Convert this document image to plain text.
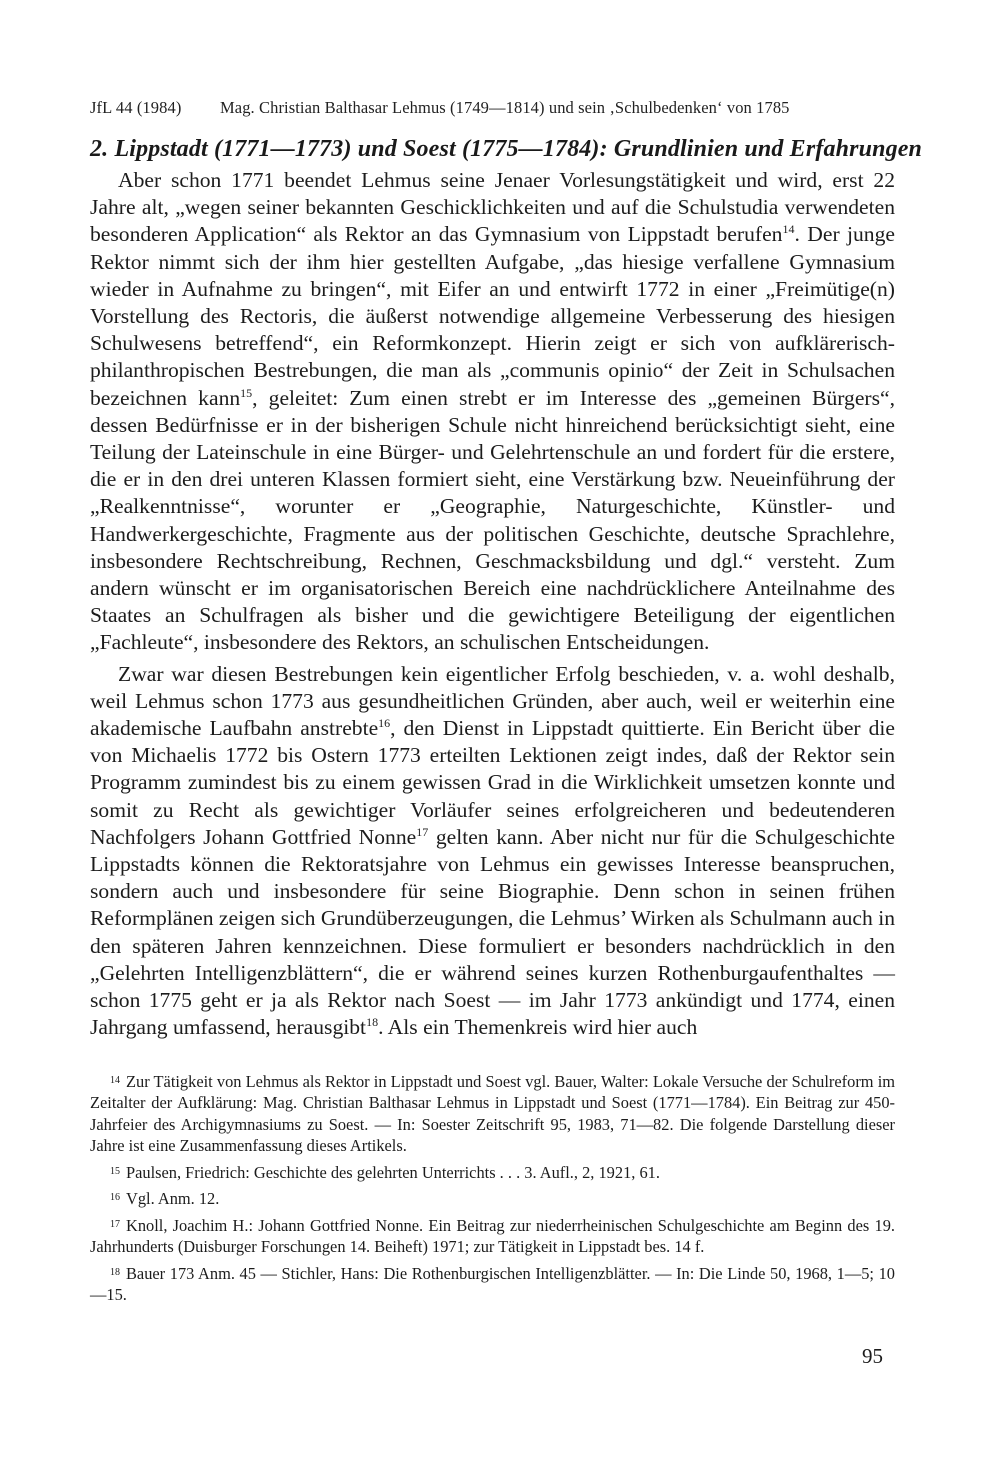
JfL 44 (1984) Mag. Christian Balthasar Lehmus (1749—1814) und sein ‚Schulbedenken‘ von 1785
2. Lippstadt (1771—1773) und Soest (1775—1784): Grundlinien und Erfahrungen

Aber schon 1771 beendet Lehmus seine Jenaer Vorlesungstätigkeit und wird, erst 22 Jahre alt, „wegen seiner bekannten Geschicklichkeiten und auf die Schulstudia verwendeten besonderen Application“ als Rektor an das Gymnasium von Lippstadt berufen$^{14}$. Der junge Rektor nimmt sich der ihm hier gestellten Aufgabe, „das hiesige verfallene Gymnasium wieder in Aufnahme zu bringen“, mit Eifer an und entwirft 1772 in einer „Freimütige(n) Vorstellung des Rectoris, die äußerst notwendige allgemeine Verbesserung des hiesigen Schulwesens betreffend“, ein Reformkonzept. Hierin zeigt er sich von aufklärerisch-philanthropischen Bestrebungen, die man als „communis opinio“ der Zeit in Schulsachen bezeichnen kann$^{15}$, geleitet: Zum einen strebt er im Interesse des „gemeinen Bürgers“, dessen Bedürfnisse er in der bisherigen Schule nicht hinreichend berücksichtigt sieht, eine Teilung der Lateinschule in eine Bürger- und Gelehrtenschule an und fordert für die erstere, die er in den drei unteren Klassen formiert sieht, eine Verstärkung bzw. Neueinführung der „Realkenntnisse“, worunter er „Geographie, Naturgeschichte, Künstler- und Handwerkergeschichte, Fragmente aus der politischen Geschichte, deutsche Sprachlehre, insbesondere Rechtschreibung, Rechnen, Geschmacksbildung und dgl.“ versteht. Zum andern wünscht er im organisatorischen Bereich eine nachdrücklichere Anteilnahme des Staates an Schulfragen als bisher und die gewichtigere Beteiligung der eigentlichen „Fachleute“, insbesondere des Rektors, an schulischen Entscheidungen.

Zwar war diesen Bestrebungen kein eigentlicher Erfolg beschieden, v. a. wohl deshalb, weil Lehmus schon 1773 aus gesundheitlichen Gründen, aber auch, weil er weiterhin eine akademische Laufbahn anstrebte$^{16}$, den Dienst in Lippstadt quittierte. Ein Bericht über die von Michaelis 1772 bis Ostern 1773 erteilten Lektionen zeigt indes, daß der Rektor sein Programm zumindest bis zu einem gewissen Grad in die Wirklichkeit umsetzen konnte und somit zu Recht als gewichtiger Vorläufer seines erfolgreicheren und bedeutenderen Nachfolgers Johann Gottfried Nonne$^{17}$ gelten kann. Aber nicht nur für die Schulgeschichte Lippstadts können die Rektoratsjahre von Lehmus ein gewisses Interesse beanspruchen, sondern auch und insbesondere für seine Biographie. Denn schon in seinen frühen Reformplänen zeigen sich Grundüberzeugungen, die Lehmus’ Wirken als Schulmann auch in den späteren Jahren kennzeichnen. Diese formuliert er besonders nachdrücklich in den „Gelehrten Intelligenzblättern“, die er während seines kurzen Rothenburgaufenthaltes — schon 1775 geht er ja als Rektor nach Soest — im Jahr 1773 ankündigt und 1774, einen Jahrgang umfassend, herausgibt$^{18}$. Als ein Themenkreis wird hier auch

$^{14}$ Zur Tätigkeit von Lehmus als Rektor in Lippstadt und Soest vgl. Bauer, Walter: Lokale Versuche der Schulreform im Zeitalter der Aufklärung: Mag. Christian Balthasar Lehmus in Lippstadt und Soest (1771—1784). Ein Beitrag zur 450-Jahrfeier des Archigymnasiums zu Soest. — In: Soester Zeitschrift 95, 1983, 71—82. Die folgende Darstellung dieser Jahre ist eine Zusammenfassung dieses Artikels.

$^{15}$ Paulsen, Friedrich: Geschichte des gelehrten Unterrichts . . . 3. Aufl., 2, 1921, 61.

$^{16}$ Vgl. Anm. 12.

$^{17}$ Knoll, Joachim H.: Johann Gottfried Nonne. Ein Beitrag zur niederrheinischen Schulgeschichte am Beginn des 19. Jahrhunderts (Duisburger Forschungen 14. Beiheft) 1971; zur Tätigkeit in Lippstadt bes. 14 f.

$^{18}$ Bauer 173 Anm. 45 — Stichler, Hans: Die Rothenburgischen Intelligenzblätter. — In: Die Linde 50, 1968, 1—5; 10—15.

95
